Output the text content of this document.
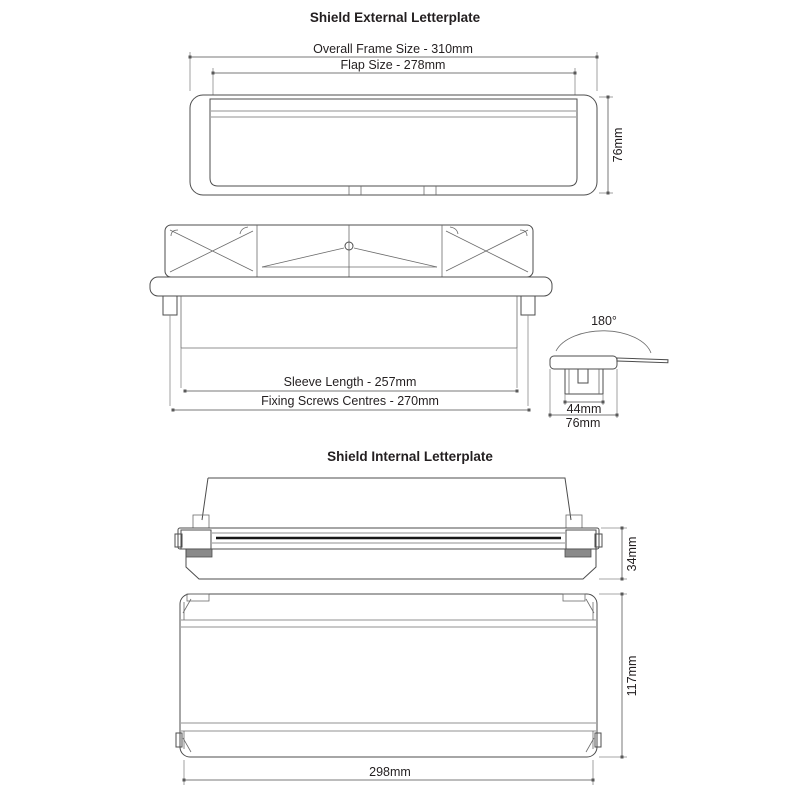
Shield External Letterplate
Overall Frame Size - 310mm
Flap Size - 278mm
76mm
Sleeve Length - 257mm
Fixing Screws Centres - 270mm
180°
44mm
76mm
Shield Internal Letterplate
34mm
117mm
298mm
